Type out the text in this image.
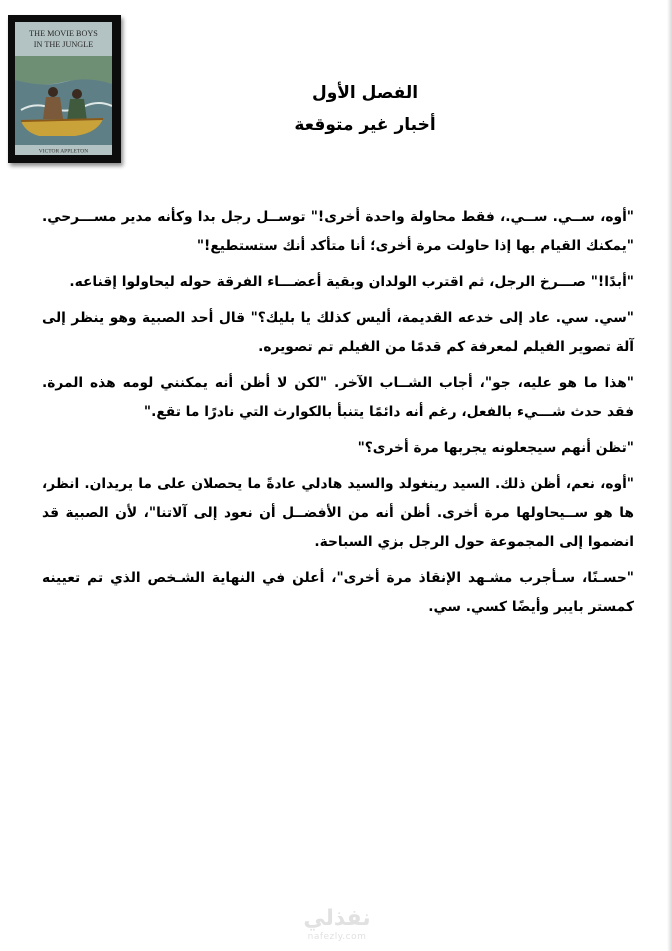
THE MOVIE BOYS
IN THE JUNGLE
VICTOR APPLETON
الفصل الأول
أخبار غير متوقعة

"أوه، ســي. ســي.، فقط محاولة واحدة أخرى!" توســل رجل بدا وكأنه مدير مســـرحي. "يمكنك القيام بها إذا حاولت مرة أخرى؛ أنا متأكد أنك ستستطيع!"

"أبدًا!" صـــرخ الرجل، ثم اقترب الولدان وبقية أعضـــاء الفرقة حوله ليحاولوا إقناعه.

"سي. سي. عاد إلى خدعه القديمة، أليس كذلك يا بليك؟" قال أحد الصبية وهو ينظر إلى آلة تصوير الفيلم لمعرفة كم قدمًا من الفيلم تم تصويره.

"هذا ما هو عليه، جو"، أجاب الشــاب الآخر. "لكن لا أظن أنه يمكنني لومه هذه المرة. فقد حدث شـــيء بالفعل، رغم أنه دائمًا يتنبأ بالكوارث التي نادرًا ما تقع."

"تظن أنهم سيجعلونه يجربها مرة أخرى؟"

"أوه، نعم، أظن ذلك. السيد رينغولد والسيد هادلي عادةً ما يحصلان على ما يريدان. انظر، ها هو ســيحاولها مرة أخرى. أظن أنه من الأفضــل أن نعود إلى آلاتنا"، لأن الصبية قد انضموا إلى المجموعة حول الرجل بزي السباحة.

"حسـنًا، سـأجرب مشـهد الإنقاذ مرة أخرى"، أعلن في النهاية الشـخص الذي تم تعيينه كمستر بايبر وأيضًا كسي. سي.

نفذلي
nafezly.com
